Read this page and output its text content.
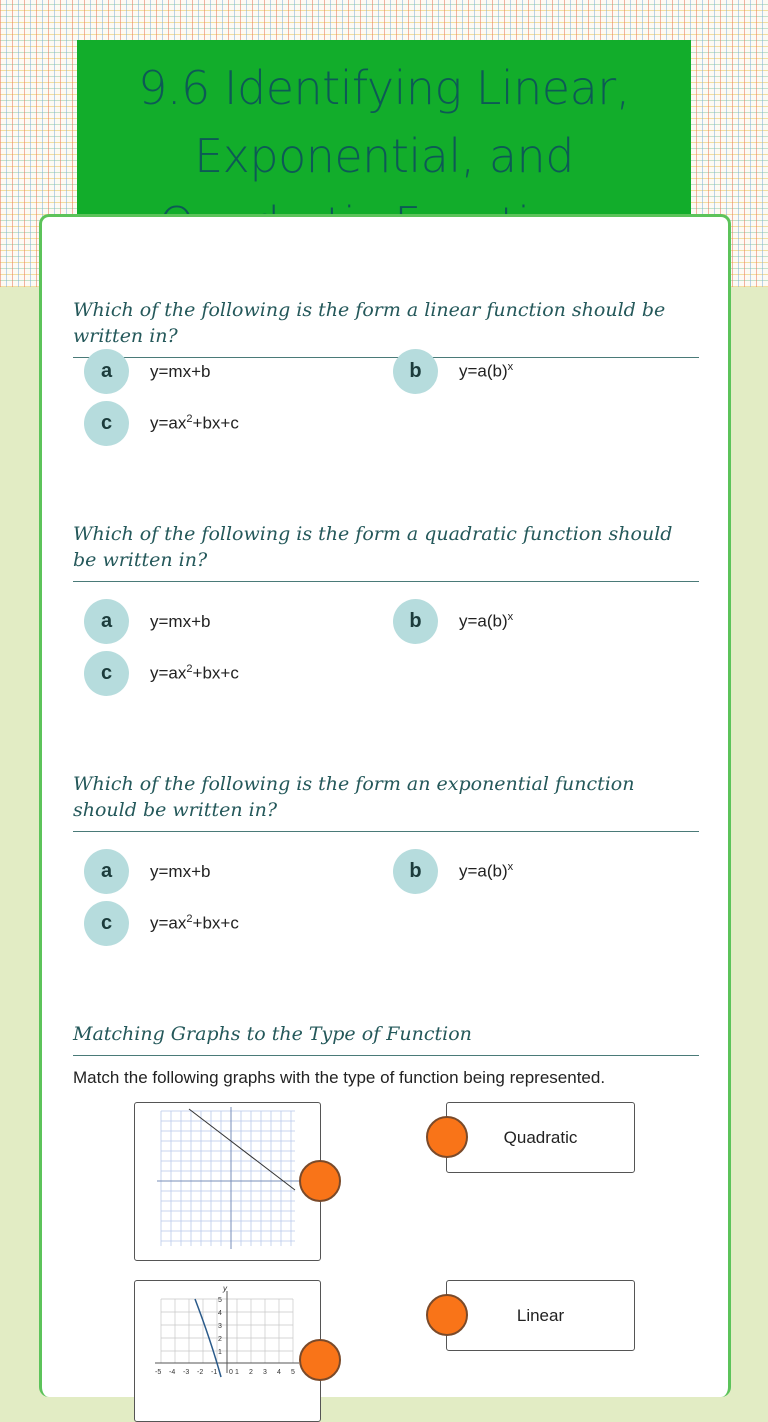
9.6 Identifying Linear, Exponential, and
Which of the following is the form a linear function should be written in?
a	y=mx+b	b	$y=a(b)^x$
c	$y=ax^2+bx+c$
Which of the following is the form a quadratic function should be written in?
a	y=mx+b	b	$y=a(b)^x$
c	$y=ax^2+bx+c$
Which of the following is the form an exponential function should be written in?
a	y=mx+b	b	$y=a(b)^x$
c	$y=ax^2+bx+c$
Matching Graphs to the Type of Function
Match the following graphs with the type of function being represented.
Quadratic
y
5
4
3
2
1
-5 -4 -3 -2 -1 0 1 2 3 4 5
Linear
